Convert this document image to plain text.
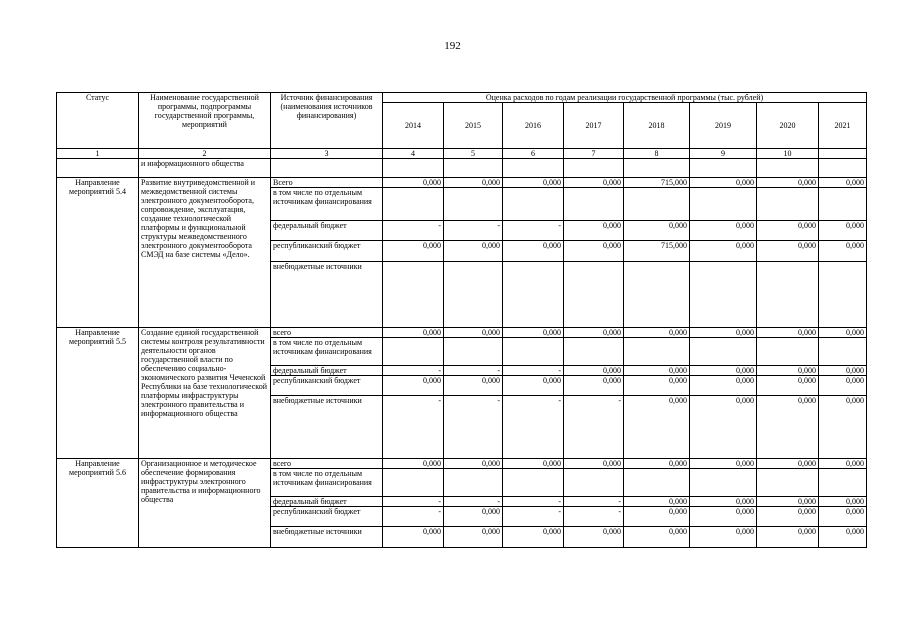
192
Статус	Наименование государственной программы, подпрограммы государственной программы, мероприятий	Источник финансирования (наименования источников финансирования)	Оценка расходов по годам реализации государственной программы (тыс. рублей)							
			2014	2015	2016	2017	2018	2019	2020	2021
1	2	3	4	5	6	7	8	9	10	
	и информационного общества									
Направление мероприятий 5.4	Развитие внутриведомственной и межведомственной системы электронного документооборота, сопровождение, эксплуатация, создание технологической платформы и функциональной структуры межведомственного электронного документооборота СМЭД на базе системы «Дело».	Всего	0,000	0,000	0,000	0,000	715,000	0,000	0,000	0,000
		в том числе по отдельным источникам финансирования								
		федеральный бюджет	-	-	-	0,000	0,000	0,000	0,000	0,000
		республиканский бюджет	0,000	0,000	0,000	0,000	715,000	0,000	0,000	0,000
		внебюджетные источники								
Направление мероприятий 5.5	Создание единой государственной системы контроля результативности деятельности органов государственной власти по обеспечению социально-экономического развития Чеченской Республики на базе технологической платформы инфраструктуры электронного правительства и информационного общества	всего	0,000	0,000	0,000	0,000	0,000	0,000	0,000	0,000
		в том числе по отдельным источникам финансирования								
		федеральный бюджет	-	-	-	0,000	0,000	0,000	0,000	0,000
		республиканский бюджет	0,000	0,000	0,000	0,000	0,000	0,000	0,000	0,000
		внебюджетные источники	-	-	-	-	0,000	0,000	0,000	0,000
Направление мероприятий 5.6	Организационное и методическое обеспечение формирования инфраструктуры электронного правительства и информационного общества	всего	0,000	0,000	0,000	0,000	0,000	0,000	0,000	0,000
		в том числе по отдельным источникам финансирования								
		федеральный бюджет	-	-	-	-	0,000	0,000	0,000	0,000
		республиканский бюджет	-	0,000	-	-	0,000	0,000	0,000	0,000
		внебюджетные источники	0,000	0,000	0,000	0,000	0,000	0,000	0,000	0,000
